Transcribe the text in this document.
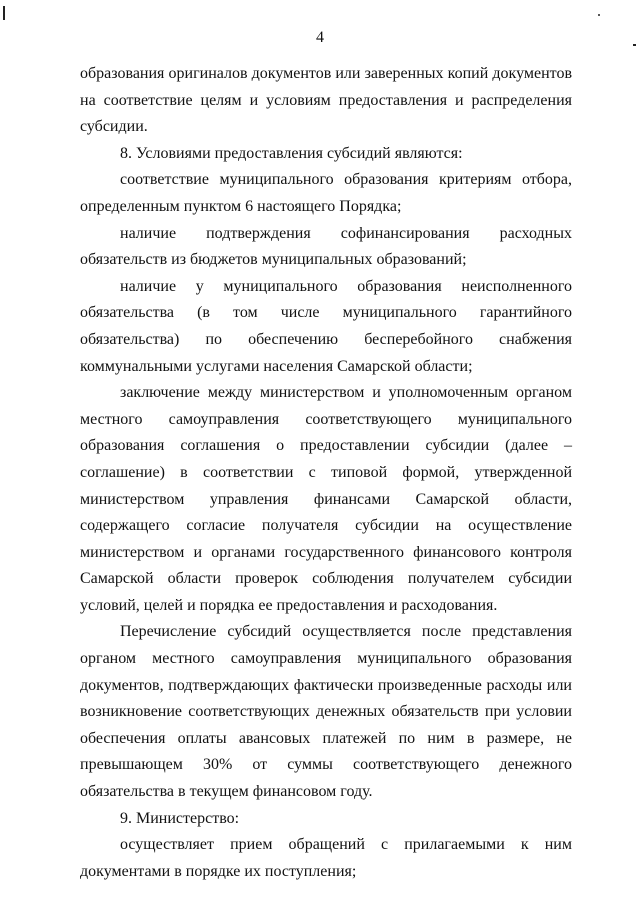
4

образования оригиналов документов или заверенных копий документов на соответствие целям и условиям предоставления и распределения субсидии.

8. Условиями предоставления субсидий являются:

соответствие муниципального образования критериям отбора, определенным пунктом 6 настоящего Порядка;

наличие подтверждения софинансирования расходных обязательств из бюджетов муниципальных образований;

наличие у муниципального образования неисполненного обязательства (в том числе муниципального гарантийного обязательства) по обеспечению бесперебойного снабжения коммунальными услугами населения Самарской области;

заключение между министерством и уполномоченным органом местного самоуправления соответствующего муниципального образования соглашения о предоставлении субсидии (далее – соглашение) в соответствии с типовой формой, утвержденной министерством управления финансами Самарской области, содержащего согласие получателя субсидии на осуществление министерством и органами государственного финансового контроля Самарской области проверок соблюдения получателем субсидии условий, целей и порядка ее предоставления и расходования.

Перечисление субсидий осуществляется после представления органом местного самоуправления муниципального образования документов, подтверждающих фактически произведенные расходы или возникновение соответствующих денежных обязательств при условии обеспечения оплаты авансовых платежей по ним в размере, не превышающем 30% от суммы соответствующего денежного обязательства в текущем финансовом году.

9. Министерство:

осуществляет прием обращений с прилагаемыми к ним документами в порядке их поступления;
